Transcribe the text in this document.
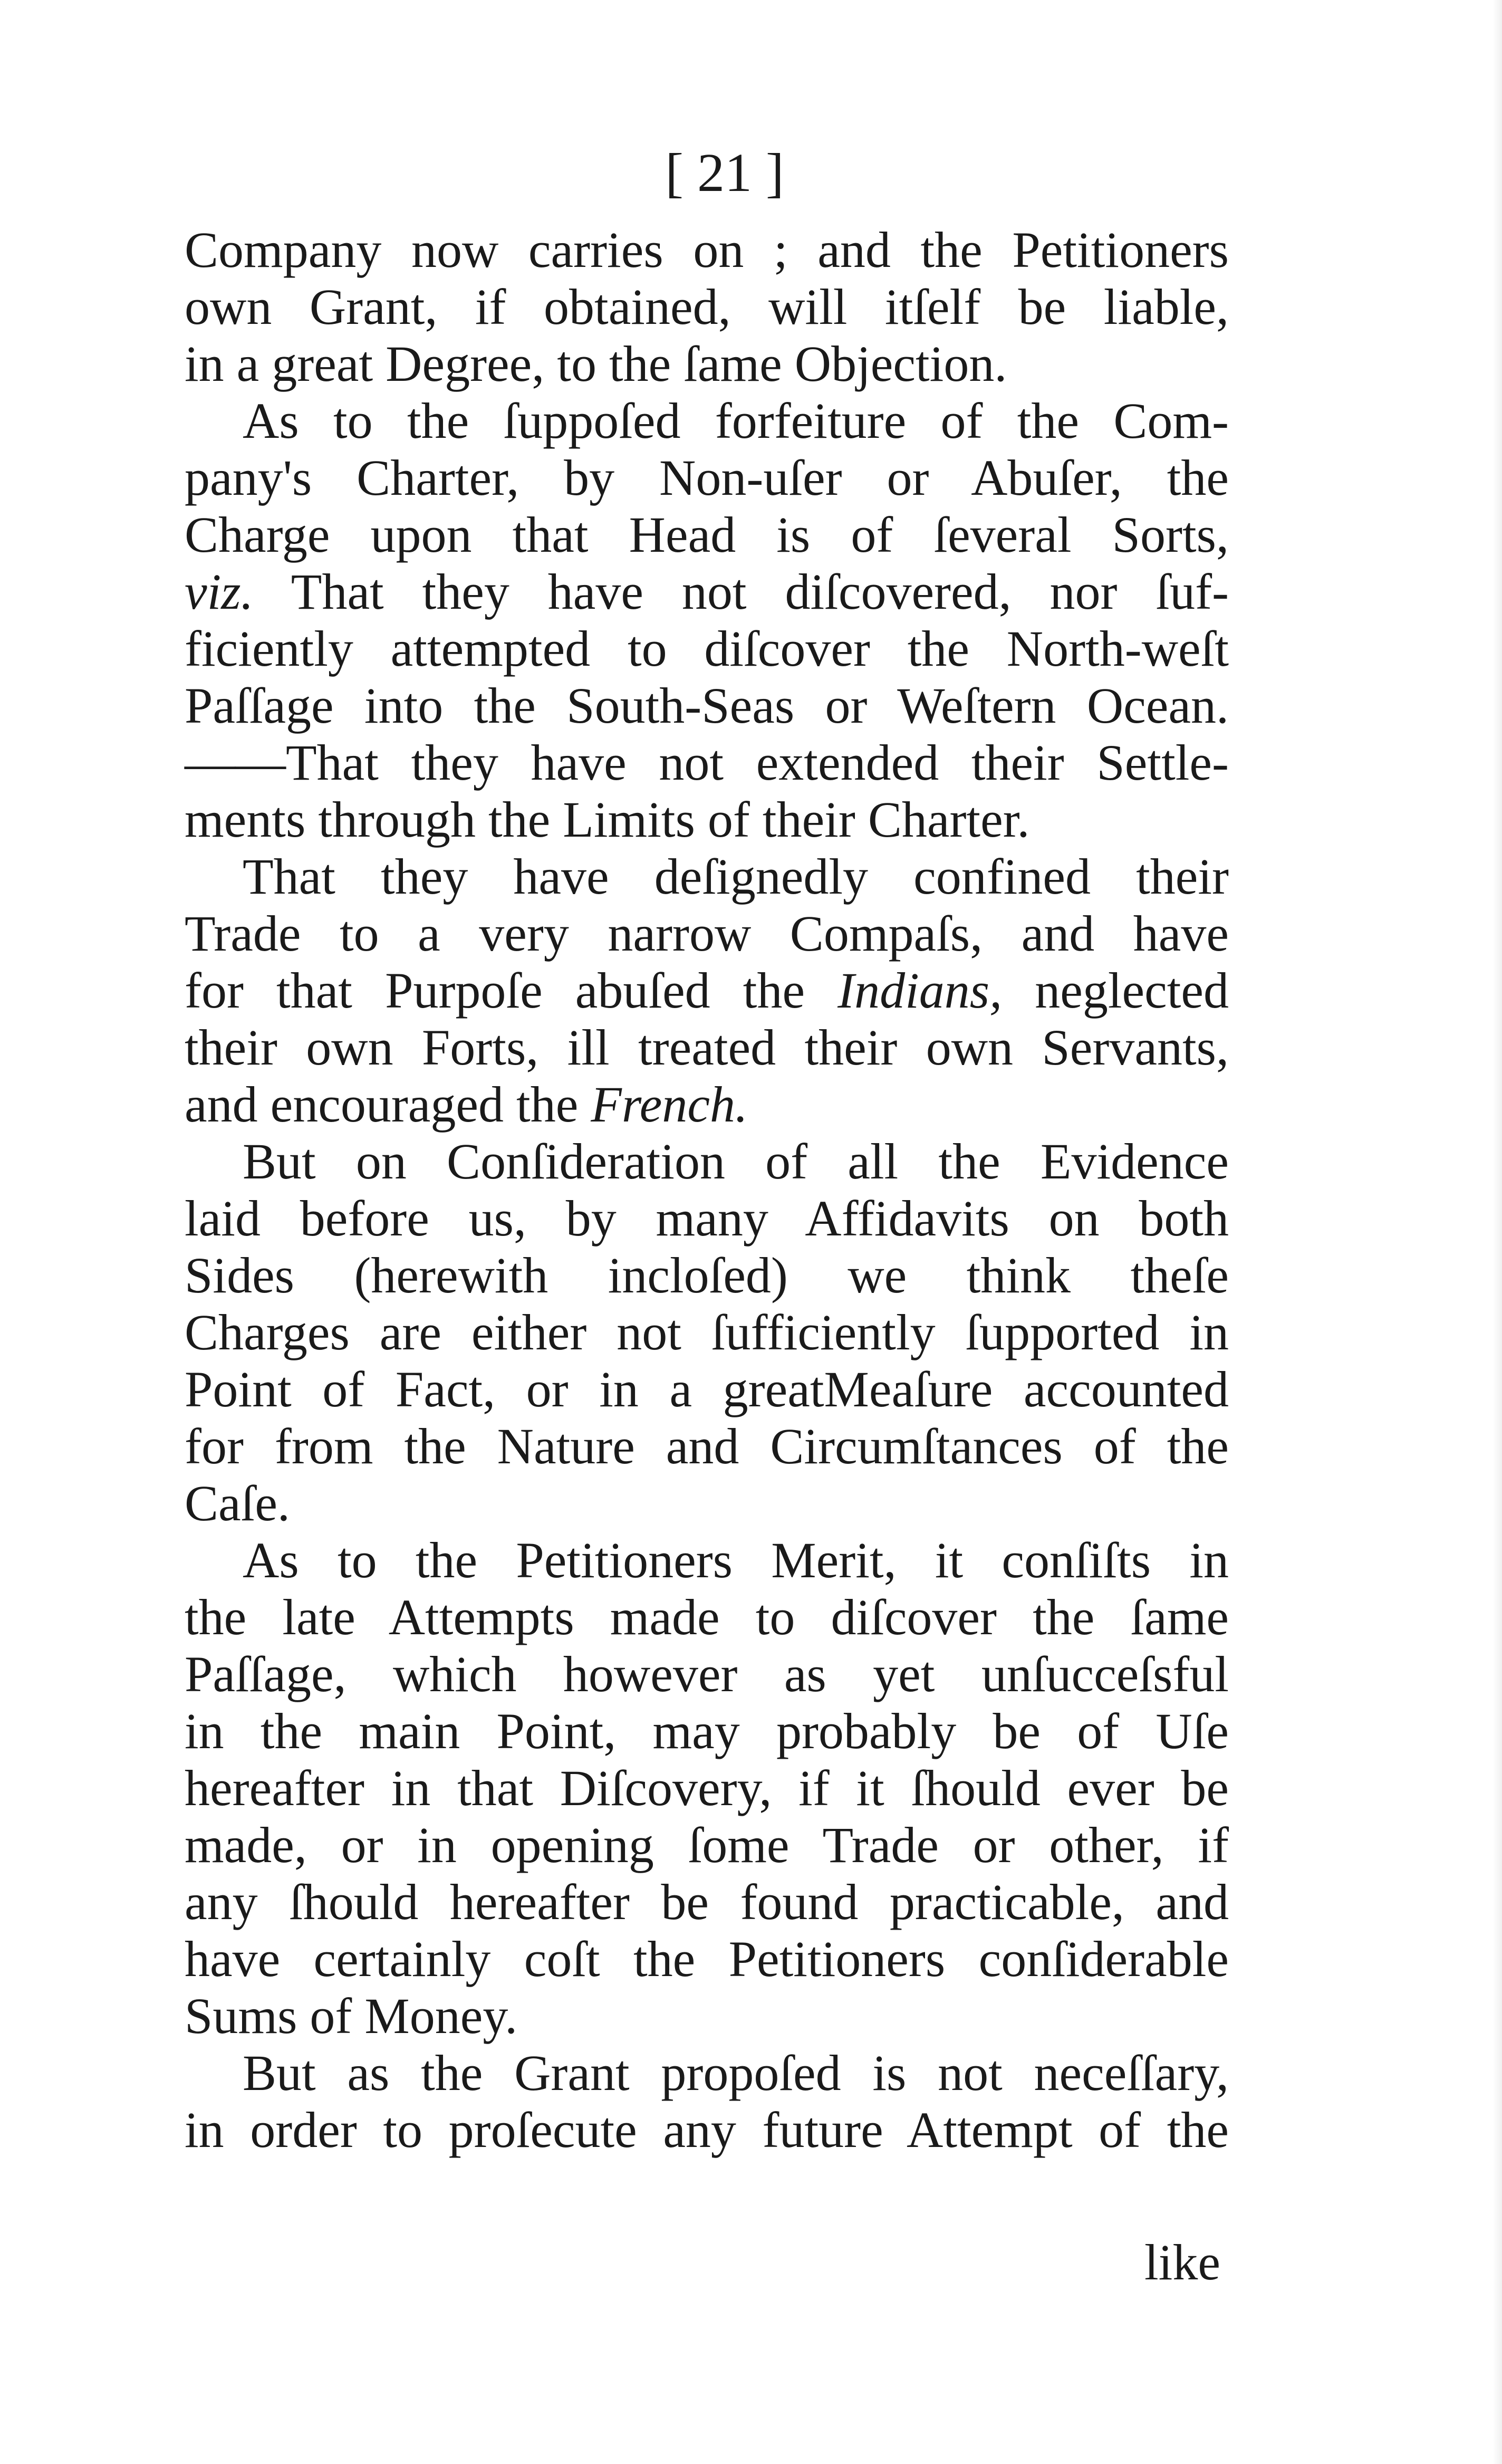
[ 21 ]
Company now carries on ; and the Petitioners
own Grant, if obtained, will itſelf be liable,
in a great Degree, to the ſame Objection.
As to the ſuppoſed forfeiture of the Com-
pany's Charter, by Non-uſer or Abuſer, the
Charge upon that Head is of ſeveral Sorts,
viz. That they have not diſcovered, nor ſuf-
ficiently attempted to diſcover the North-weſt
Paſſage into the South-Seas or Weſtern Ocean.
——That they have not extended their Settle-
ments through the Limits of their Charter.
That they have deſignedly confined their
Trade to a very narrow Compaſs, and have
for that Purpoſe abuſed the Indians, neglected
their own Forts, ill treated their own Servants,
and encouraged the French.
But on Conſideration of all the Evidence
laid before us, by many Affidavits on both
Sides (herewith incloſed) we think theſe
Charges are either not ſufficiently ſupported in
Point of Fact, or in a greatMeaſure accounted
for from the Nature and Circumſtances of the
Caſe.
As to the Petitioners Merit, it conſiſts in
the late Attempts made to diſcover the ſame
Paſſage, which however as yet unſucceſsful
in the main Point, may probably be of Uſe
hereafter in that Diſcovery, if it ſhould ever be
made, or in opening ſome Trade or other, if
any ſhould hereafter be found practicable, and
have certainly coſt the Petitioners conſiderable
Sums of Money.
But as the Grant propoſed is not neceſſary,
in order to proſecute any future Attempt of the
like
